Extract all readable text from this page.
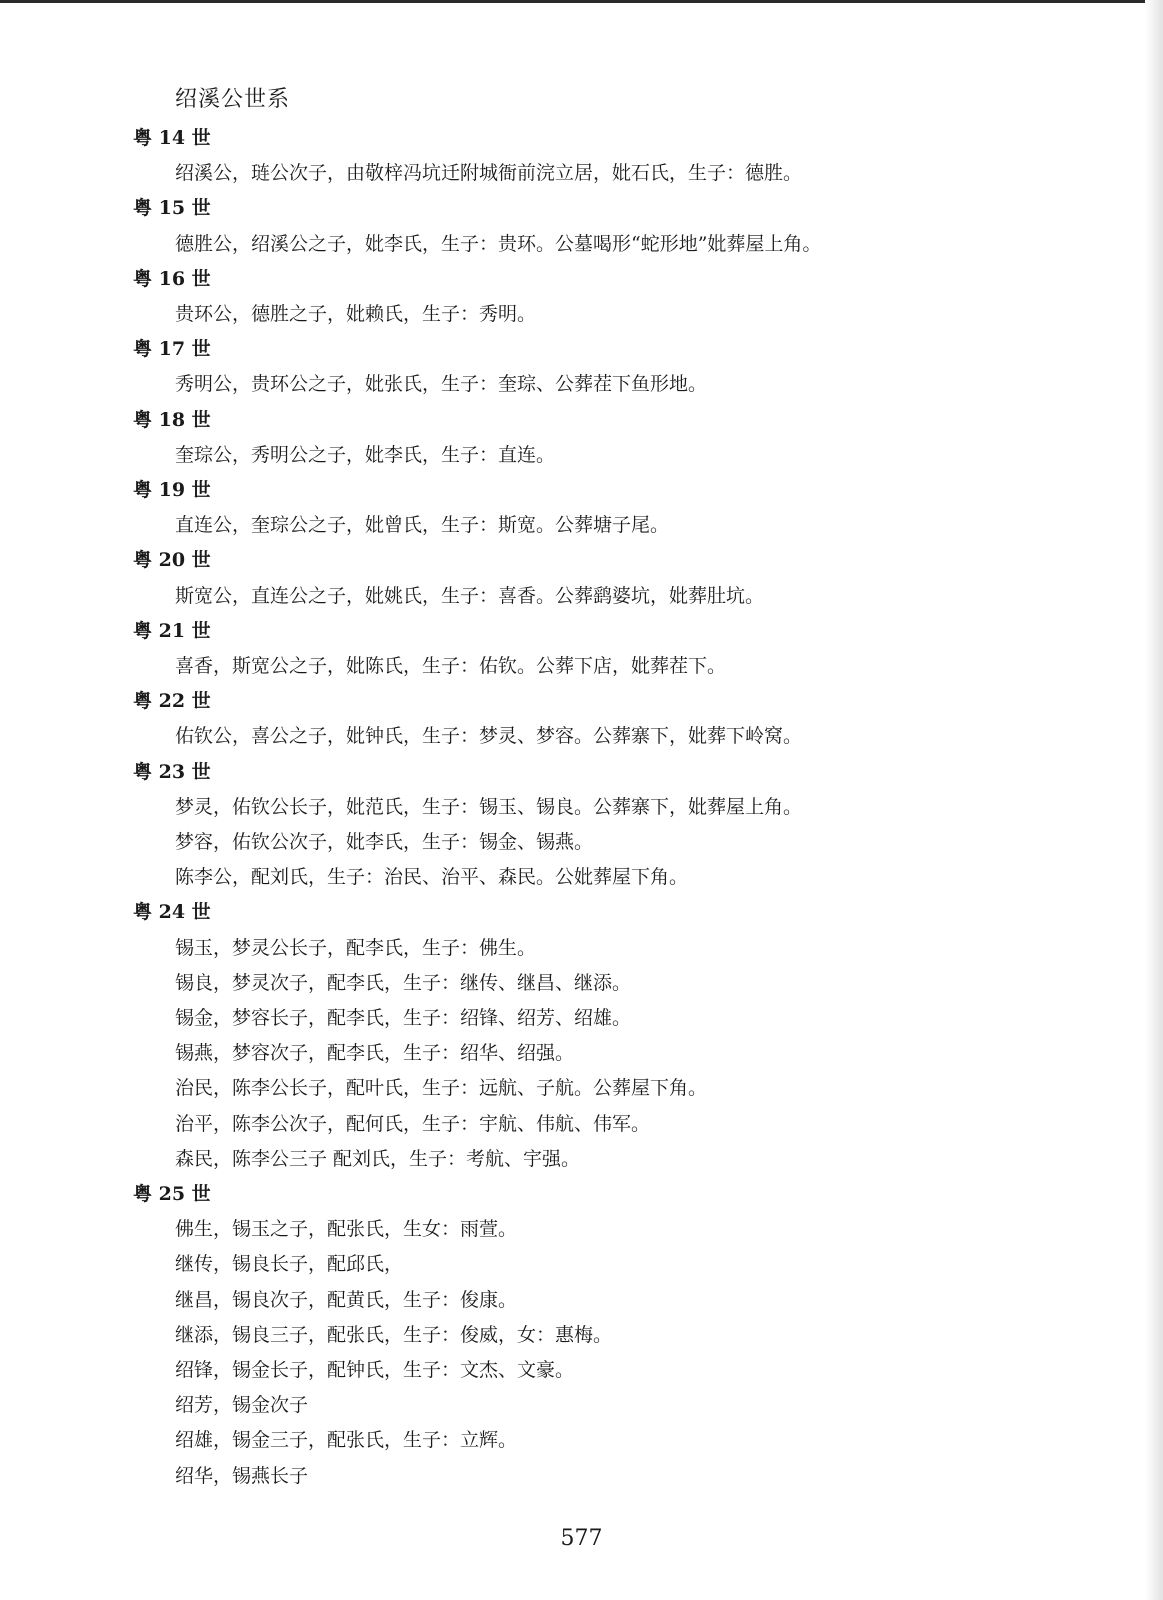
绍溪公世系
粤 14 世
绍溪公，琏公次子，由敬梓冯坑迁附城衙前浣立居，妣石氏，生子：德胜。
粤 15 世
德胜公，绍溪公之子，妣李氏，生子：贵环。公墓喝形“蛇形地”妣葬屋上角。
粤 16 世
贵环公，德胜之子，妣赖氏，生子：秀明。
粤 17 世
秀明公，贵环公之子，妣张氏，生子：奎琮、公葬茬下鱼形地。
粤 18 世
奎琮公，秀明公之子，妣李氏，生子：直连。
粤 19 世
直连公，奎琮公之子，妣曾氏，生子：斯宽。公葬塘子尾。
粤 20 世
斯宽公，直连公之子，妣姚氏，生子：喜香。公葬鹞婆坑，妣葬肚坑。
粤 21 世
喜香，斯宽公之子，妣陈氏，生子：佑钦。公葬下店，妣葬茬下。
粤 22 世
佑钦公，喜公之子，妣钟氏，生子：梦灵、梦容。公葬寨下，妣葬下岭窝。
粤 23 世
梦灵，佑钦公长子，妣范氏，生子：锡玉、锡良。公葬寨下，妣葬屋上角。
梦容，佑钦公次子，妣李氏，生子：锡金、锡燕。
陈李公，配刘氏，生子：治民、治平、森民。公妣葬屋下角。
粤 24 世
锡玉，梦灵公长子，配李氏，生子：佛生。
锡良，梦灵次子，配李氏，生子：继传、继昌、继添。
锡金，梦容长子，配李氏，生子：绍锋、绍芳、绍雄。
锡燕，梦容次子，配李氏，生子：绍华、绍强。
治民，陈李公长子，配叶氏，生子：远航、子航。公葬屋下角。
治平，陈李公次子，配何氏，生子：宇航、伟航、伟军。
森民，陈李公三子 配刘氏，生子：考航、宇强。
粤 25 世
佛生，锡玉之子，配张氏，生女：雨萱。
继传，锡良长子，配邱氏，
继昌，锡良次子，配黄氏，生子：俊康。
继添，锡良三子，配张氏，生子：俊威，女：惠梅。
绍锋，锡金长子，配钟氏，生子：文杰、文豪。
绍芳，锡金次子
绍雄，锡金三子，配张氏，生子：立辉。
绍华，锡燕长子
577
